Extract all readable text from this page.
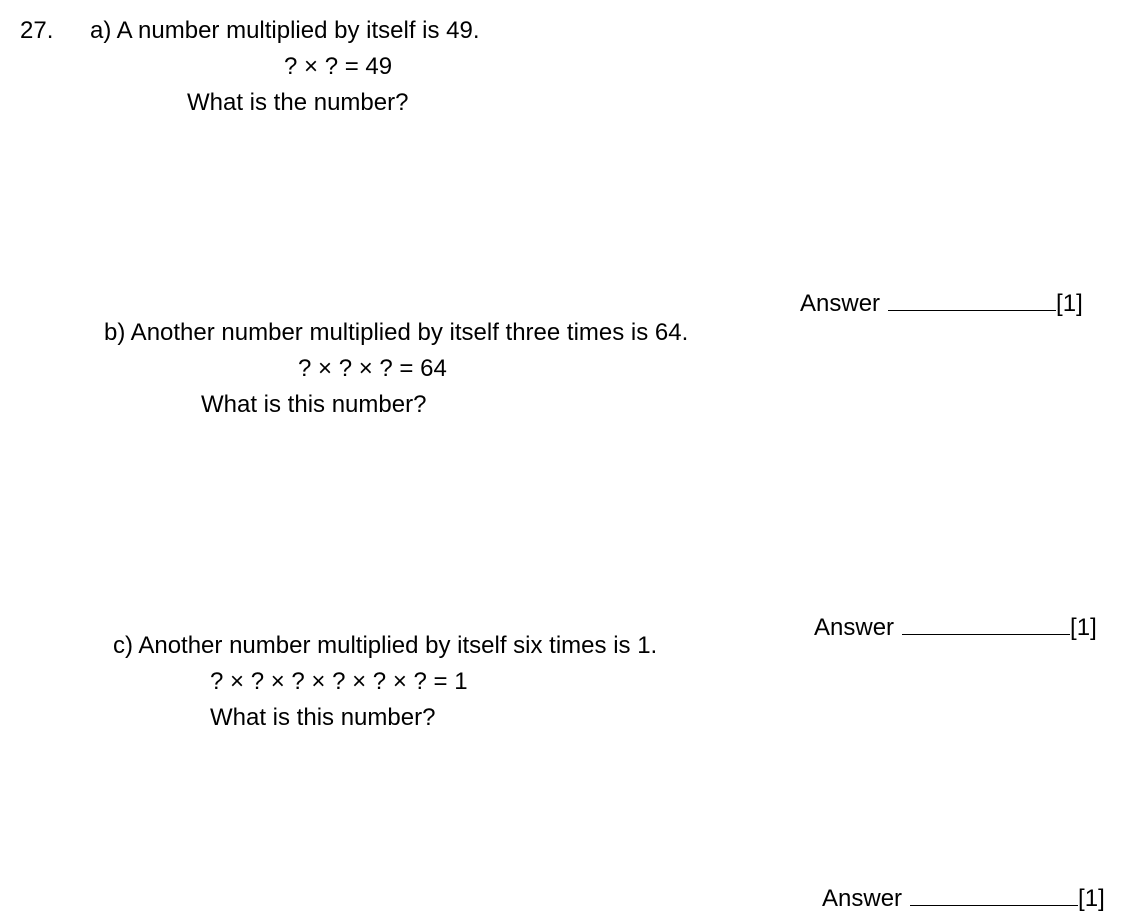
27. a) A number multiplied by itself is 49.
? × ? = 49
What is the number?

Answer	[1]

b) Another number multiplied by itself three times is 64.
? × ? × ? = 64
What is this number?

Answer	[1]

c) Another number multiplied by itself six times is 1.
? × ? × ? × ? × ? × ? = 1
What is this number?

Answer	[1]
